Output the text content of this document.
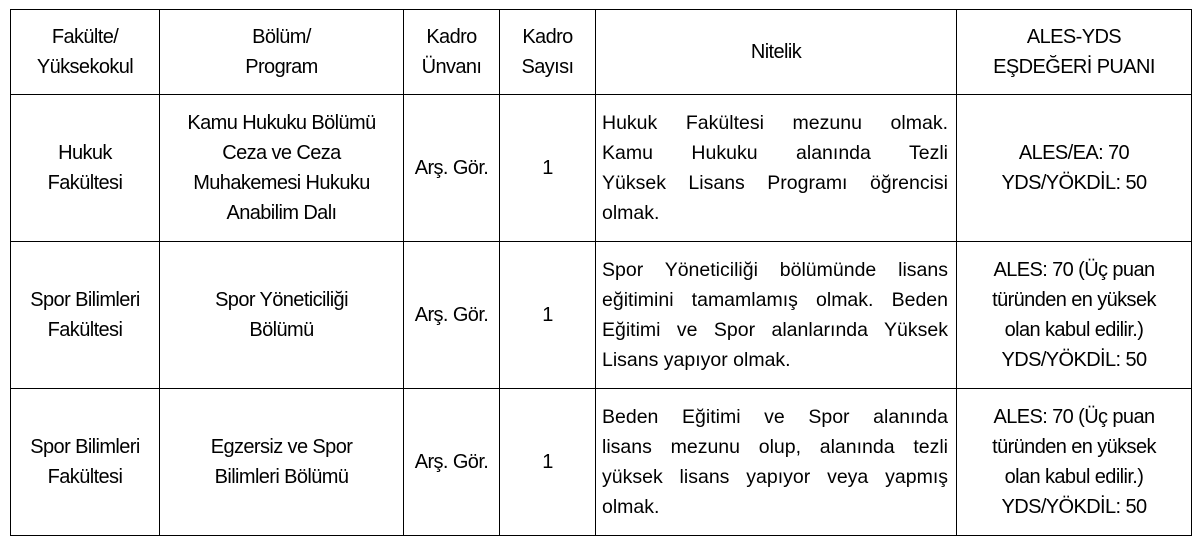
Fakülte/
Yüksekokul	Bölüm/
Program	Kadro
Ünvanı	Kadro
Sayısı	Nitelik	ALES-YDS
EŞDEĞERİ PUANI

Hukuk
Fakültesi	Kamu Hukuku Bölümü
Ceza ve Ceza
Muhakemesi Hukuku
Anabilim Dalı	Arş. Gör.	1	Hukuk Fakültesi mezunu olmak.
Kamu Hukuku alanında Tezli
Yüksek Lisans Programı öğrencisi
olmak.	ALES/EA: 70
YDS/YÖKDİL: 50

Spor Bilimleri
Fakültesi	Spor Yöneticiliği
Bölümü	Arş. Gör.	1	Spor Yöneticiliği bölümünde lisans
eğitimini tamamlamış olmak. Beden
Eğitimi ve Spor alanlarında Yüksek
Lisans yapıyor olmak.	ALES: 70 (Üç puan
türünden en yüksek
olan kabul edilir.)
YDS/YÖKDİL: 50

Spor Bilimleri
Fakültesi	Egzersiz ve Spor
Bilimleri Bölümü	Arş. Gör.	1	Beden Eğitimi ve Spor alanında
lisans mezunu olup, alanında tezli
yüksek lisans yapıyor veya yapmış
olmak.	ALES: 70 (Üç puan
türünden en yüksek
olan kabul edilir.)
YDS/YÖKDİL: 50
